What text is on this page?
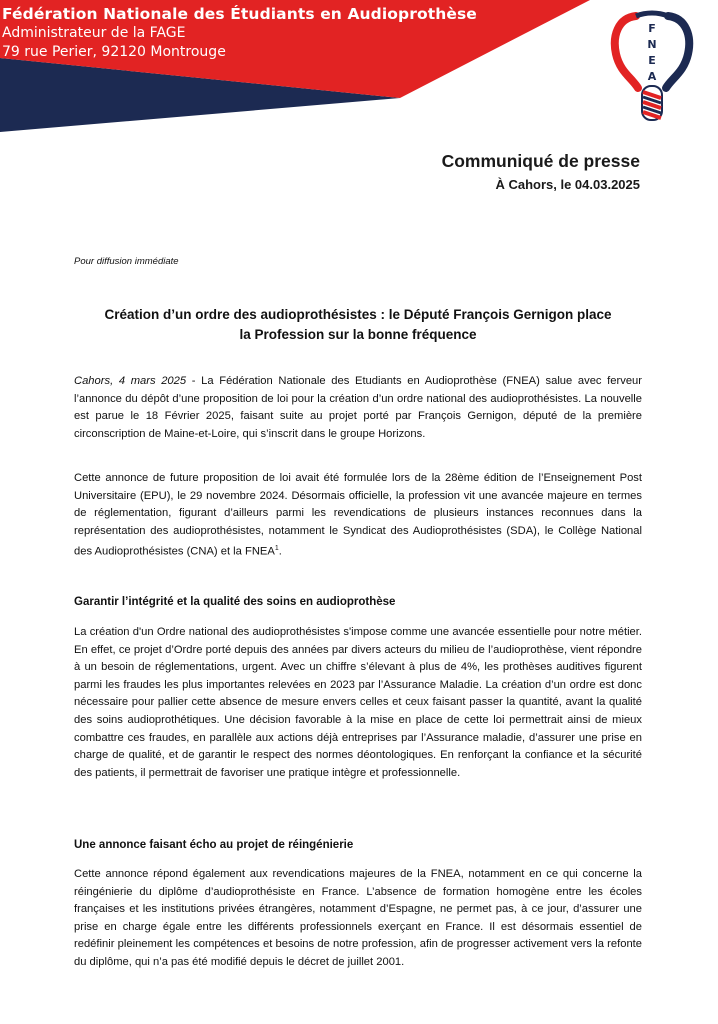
Fédération Nationale des Étudiants en Audioprothèse
Administrateur de la FAGE
79 rue Perier, 92120 Montrouge
F
N
E
A
Communiqué de presse
À Cahors, le 04.03.2025
Pour diffusion immédiate
Création d’un ordre des audioprothésistes : le Député François Gernigon place
la Profession sur la bonne fréquence
Cahors, 4 mars 2025 - La Fédération Nationale des Etudiants en Audioprothèse (FNEA) salue avec ferveur l’annonce du dépôt d’une proposition de loi pour la création d’un ordre national des audioprothésistes. La nouvelle est parue le 18 Février 2025, faisant suite au projet porté par François Gernigon, député de la première circonscription de Maine-et-Loire, qui s’inscrit dans le groupe Horizons.
Cette annonce de future proposition de loi avait été formulée lors de la 28ème édition de l’Enseignement Post Universitaire (EPU), le 29 novembre 2024. Désormais officielle, la profession vit une avancée majeure en termes de réglementation, figurant d’ailleurs parmi les revendications de plusieurs instances reconnues dans la représentation des audioprothésistes, notamment le Syndicat des Audioprothésistes (SDA), le Collège National des Audioprothésistes (CNA) et la FNEA$^1$.
Garantir l’intégrité et la qualité des soins en audioprothèse
La création d'un Ordre national des audioprothésistes s'impose comme une avancée essentielle pour notre métier. En effet, ce projet d’Ordre porté depuis des années par divers acteurs du milieu de l’audioprothèse, vient répondre à un besoin de réglementations, urgent. Avec un chiffre s’élevant à plus de 4%, les prothèses auditives figurent parmi les fraudes les plus importantes relevées en 2023 par l’Assurance Maladie. La création d’un ordre est donc nécessaire pour pallier cette absence de mesure envers celles et ceux faisant passer la quantité, avant la qualité des soins audioprothétiques. Une décision favorable à la mise en place de cette loi permettrait ainsi de mieux combattre ces fraudes, en parallèle aux actions déjà entreprises par l’Assurance maladie, d’assurer une prise en charge de qualité, et de garantir le respect des normes déontologiques. En renforçant la confiance et la sécurité des patients, il permettrait de favoriser une pratique intègre et professionnelle.
Une annonce faisant écho au projet de réingénierie
Cette annonce répond également aux revendications majeures de la FNEA, notamment en ce qui concerne la réingénierie du diplôme d’audioprothésiste en France. L’absence de formation homogène entre les écoles françaises et les institutions privées étrangères, notamment d’Espagne, ne permet pas, à ce jour, d’assurer une prise en charge égale entre les différents professionnels exerçant en France. Il est désormais essentiel de redéfinir pleinement les compétences et besoins de notre profession, afin de progresser activement vers la refonte du diplôme, qui n’a pas été modifié depuis le décret de juillet 2001.
